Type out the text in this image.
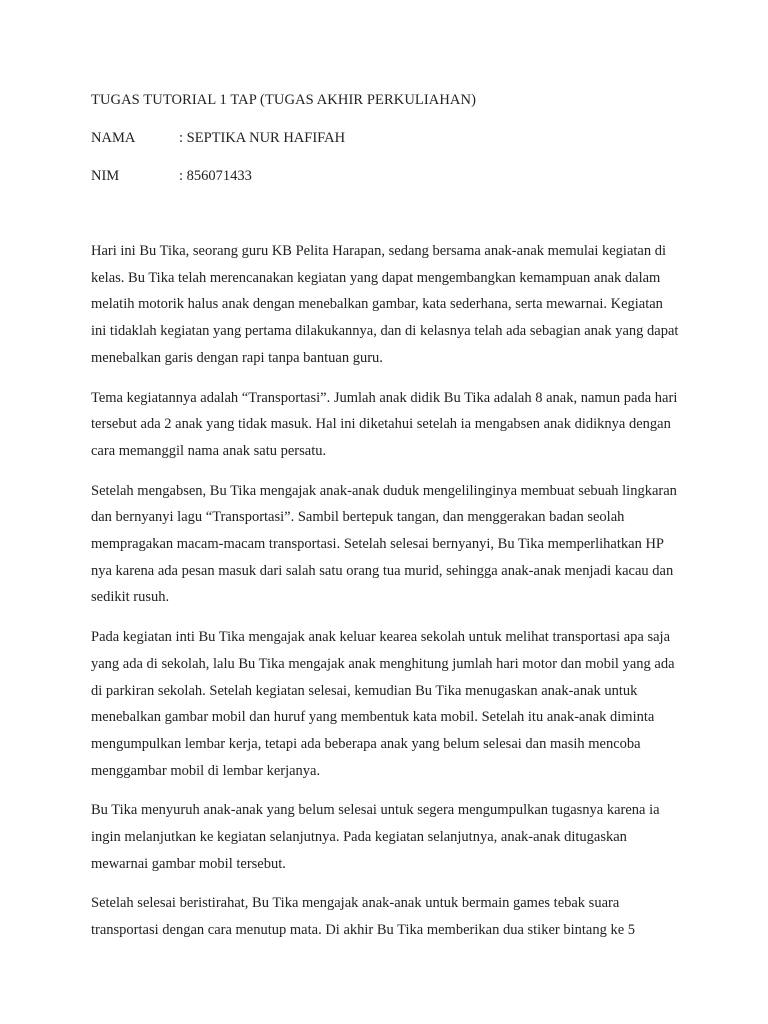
TUGAS TUTORIAL 1 TAP (TUGAS AKHIR PERKULIAHAN)
NAMA	: SEPTIKA NUR HAFIFAH
NIM	: 856071433

Hari ini Bu Tika, seorang guru KB Pelita Harapan, sedang bersama anak-anak memulai kegiatan di kelas. Bu Tika telah merencanakan kegiatan yang dapat mengembangkan kemampuan anak dalam melatih motorik halus anak dengan menebalkan gambar, kata sederhana, serta mewarnai. Kegiatan ini tidaklah kegiatan yang pertama dilakukannya, dan di kelasnya telah ada sebagian anak yang dapat menebalkan garis dengan rapi tanpa bantuan guru.

Tema kegiatannya adalah “Transportasi”. Jumlah anak didik Bu Tika adalah 8 anak, namun pada hari tersebut ada 2 anak yang tidak masuk. Hal ini diketahui setelah ia mengabsen anak didiknya dengan cara memanggil nama anak satu persatu.

Setelah mengabsen, Bu Tika mengajak anak-anak duduk mengelilinginya membuat sebuah lingkaran dan bernyanyi lagu “Transportasi”. Sambil bertepuk tangan, dan menggerakan badan seolah mempragakan macam-macam transportasi. Setelah selesai bernyanyi, Bu Tika memperlihatkan HP nya karena ada pesan masuk dari salah satu orang tua murid, sehingga anak-anak menjadi kacau dan sedikit rusuh.

Pada kegiatan inti Bu Tika mengajak anak keluar kearea sekolah untuk melihat transportasi apa saja yang ada di sekolah, lalu Bu Tika mengajak anak menghitung jumlah hari motor dan mobil yang ada di parkiran sekolah. Setelah kegiatan selesai, kemudian Bu Tika menugaskan anak-anak untuk menebalkan gambar mobil dan huruf yang membentuk kata mobil. Setelah itu anak-anak diminta mengumpulkan lembar kerja, tetapi ada beberapa anak yang belum selesai dan masih mencoba menggambar mobil di lembar kerjanya.

Bu Tika menyuruh anak-anak yang belum selesai untuk segera mengumpulkan tugasnya karena ia ingin melanjutkan ke kegiatan selanjutnya. Pada kegiatan selanjutnya, anak-anak ditugaskan mewarnai gambar mobil tersebut.

Setelah selesai beristirahat, Bu Tika mengajak anak-anak untuk bermain games tebak suara transportasi dengan cara menutup mata. Di akhir Bu Tika memberikan dua stiker bintang ke 5
